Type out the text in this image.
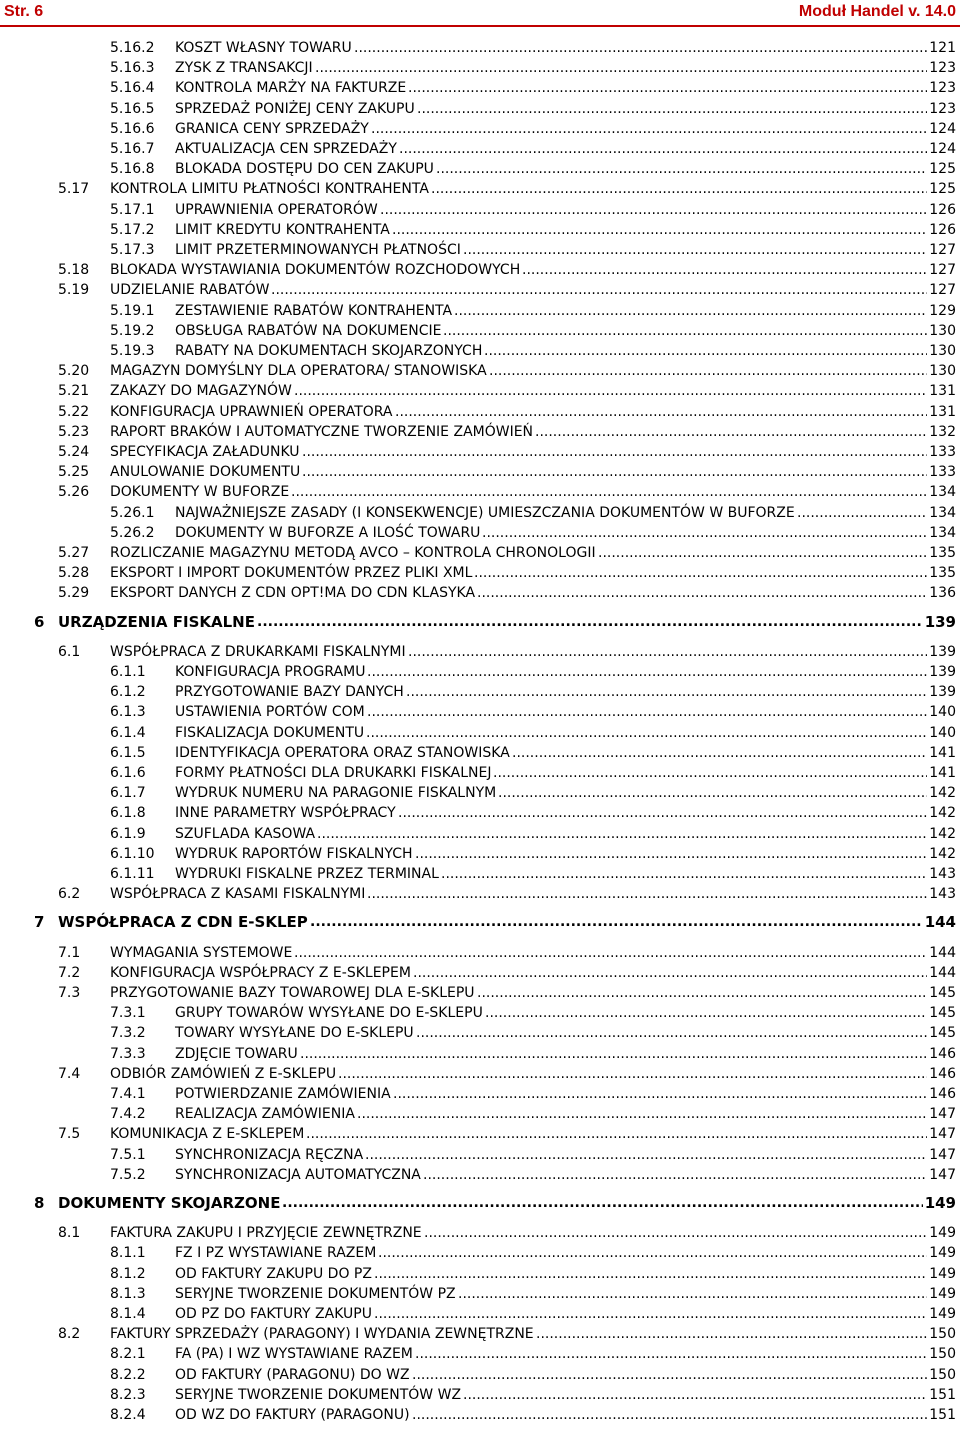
Str. 6	Moduł Handel v. 14.0
5.16.2 KOSZT WŁASNY TOWARU .....	121
5.16.3 ZYSK Z TRANSAKCJI .....	123
5.16.4 KONTROLA MARŻY NA FAKTURZE .....	123
5.16.5 SPRZEDAŻ PONIŻEJ CENY ZAKUPU .....	123
5.16.6 GRANICA CENY SPRZEDAŻY .....	124
5.16.7 AKTUALIZACJA CEN SPRZEDAŻY .....	124
5.16.8 BLOKADA DOSTĘPU DO CEN ZAKUPU .....	125
5.17 KONTROLA LIMITU PŁATNOŚCI KONTRAHENTA .....	125
5.17.1 UPRAWNIENIA OPERATORÓW .....	126
5.17.2 LIMIT KREDYTU KONTRAHENTA .....	126
5.17.3 LIMIT PRZETERMINOWANYCH PŁATNOŚCI .....	127
5.18 BLOKADA WYSTAWIANIA DOKUMENTÓW ROZCHODOWYCH .....	127
5.19 UDZIELANIE RABATÓW .....	127
5.19.1 ZESTAWIENIE RABATÓW KONTRAHENTA .....	129
5.19.2 OBSŁUGA RABATÓW NA DOKUMENCIE .....	130
5.19.3 RABATY NA DOKUMENTACH SKOJARZONYCH .....	130
5.20 MAGAZYN DOMYŚLNY DLA OPERATORA/ STANOWISKA .....	130
5.21 ZAKAZY DO MAGAZYNÓW .....	131
5.22 KONFIGURACJA UPRAWNIEŃ OPERATORA .....	131
5.23 RAPORT BRAKÓW I AUTOMATYCZNE TWORZENIE ZAMÓWIEŃ .....	132
5.24 SPECYFIKACJA ZAŁADUNKU .....	133
5.25 ANULOWANIE DOKUMENTU .....	133
5.26 DOKUMENTY W BUFORZE .....	134
5.26.1 NAJWAŻNIEJSZE ZASADY (I KONSEKWENCJE) UMIESZCZANIA DOKUMENTÓW W BUFORZE .....	134
5.26.2 DOKUMENTY W BUFORZE A ILOŚĆ TOWARU .....	134
5.27 ROZLICZANIE MAGAZYNU METODĄ AVCO – KONTROLA CHRONOLOGII .....	135
5.28 EKSPORT I IMPORT DOKUMENTÓW PRZEZ PLIKI XML .....	135
5.29 EKSPORT DANYCH Z CDN OPT!MA DO CDN KLASYKA .....	136
6 URZĄDZENIA FISKALNE .....	139
6.1 WSPÓŁPRACA Z DRUKARKAMI FISKALNYMI .....	139
6.1.1 KONFIGURACJA PROGRAMU .....	139
6.1.2 PRZYGOTOWANIE BAZY DANYCH .....	139
6.1.3 USTAWIENIA PORTÓW COM .....	140
6.1.4 FISKALIZACJA DOKUMENTU .....	140
6.1.5 IDENTYFIKACJA OPERATORA ORAZ STANOWISKA .....	141
6.1.6 FORMY PŁATNOŚCI DLA DRUKARKI FISKALNEJ .....	141
6.1.7 WYDRUK NUMERU NA PARAGONIE FISKALNYM .....	142
6.1.8 INNE PARAMETRY WSPÓŁPRACY .....	142
6.1.9 SZUFLADA KASOWA .....	142
6.1.10 WYDRUK RAPORTÓW FISKALNYCH .....	142
6.1.11 WYDRUKI FISKALNE PRZEZ TERMINAL .....	143
6.2 WSPÓŁPRACA Z KASAMI FISKALNYMI .....	143
7 WSPÓŁPRACA Z CDN E-SKLEP .....	144
7.1 WYMAGANIA SYSTEMOWE .....	144
7.2 KONFIGURACJA WSPÓŁPRACY Z E-SKLEPEM .....	144
7.3 PRZYGOTOWANIE BAZY TOWAROWEJ DLA E-SKLEPU .....	145
7.3.1 GRUPY TOWARÓW WYSYŁANE DO E-SKLEPU .....	145
7.3.2 TOWARY WYSYŁANE DO E-SKLEPU .....	145
7.3.3 ZDJĘCIE TOWARU .....	146
7.4 ODBIÓR ZAMÓWIEŃ Z E-SKLEPU .....	146
7.4.1 POTWIERDZANIE ZAMÓWIENIA .....	146
7.4.2 REALIZACJA ZAMÓWIENIA .....	147
7.5 KOMUNIKACJA Z E-SKLEPEM .....	147
7.5.1 SYNCHRONIZACJA RĘCZNA .....	147
7.5.2 SYNCHRONIZACJA AUTOMATYCZNA .....	147
8 DOKUMENTY SKOJARZONE .....	149
8.1 FAKTURA ZAKUPU I PRZYJĘCIE ZEWNĘTRZNE .....	149
8.1.1 FZ I PZ WYSTAWIANE RAZEM .....	149
8.1.2 OD FAKTURY ZAKUPU DO PZ .....	149
8.1.3 SERYJNE TWORZENIE DOKUMENTÓW PZ .....	149
8.1.4 OD PZ DO FAKTURY ZAKUPU .....	149
8.2 FAKTURY SPRZEDAŻY (PARAGONY) I WYDANIA ZEWNĘTRZNE .....	150
8.2.1 FA (PA) I WZ WYSTAWIANE RAZEM .....	150
8.2.2 OD FAKTURY (PARAGONU) DO WZ .....	150
8.2.3 SERYJNE TWORZENIE DOKUMENTÓW WZ .....	151
8.2.4 OD WZ DO FAKTURY (PARAGONU) .....	151
